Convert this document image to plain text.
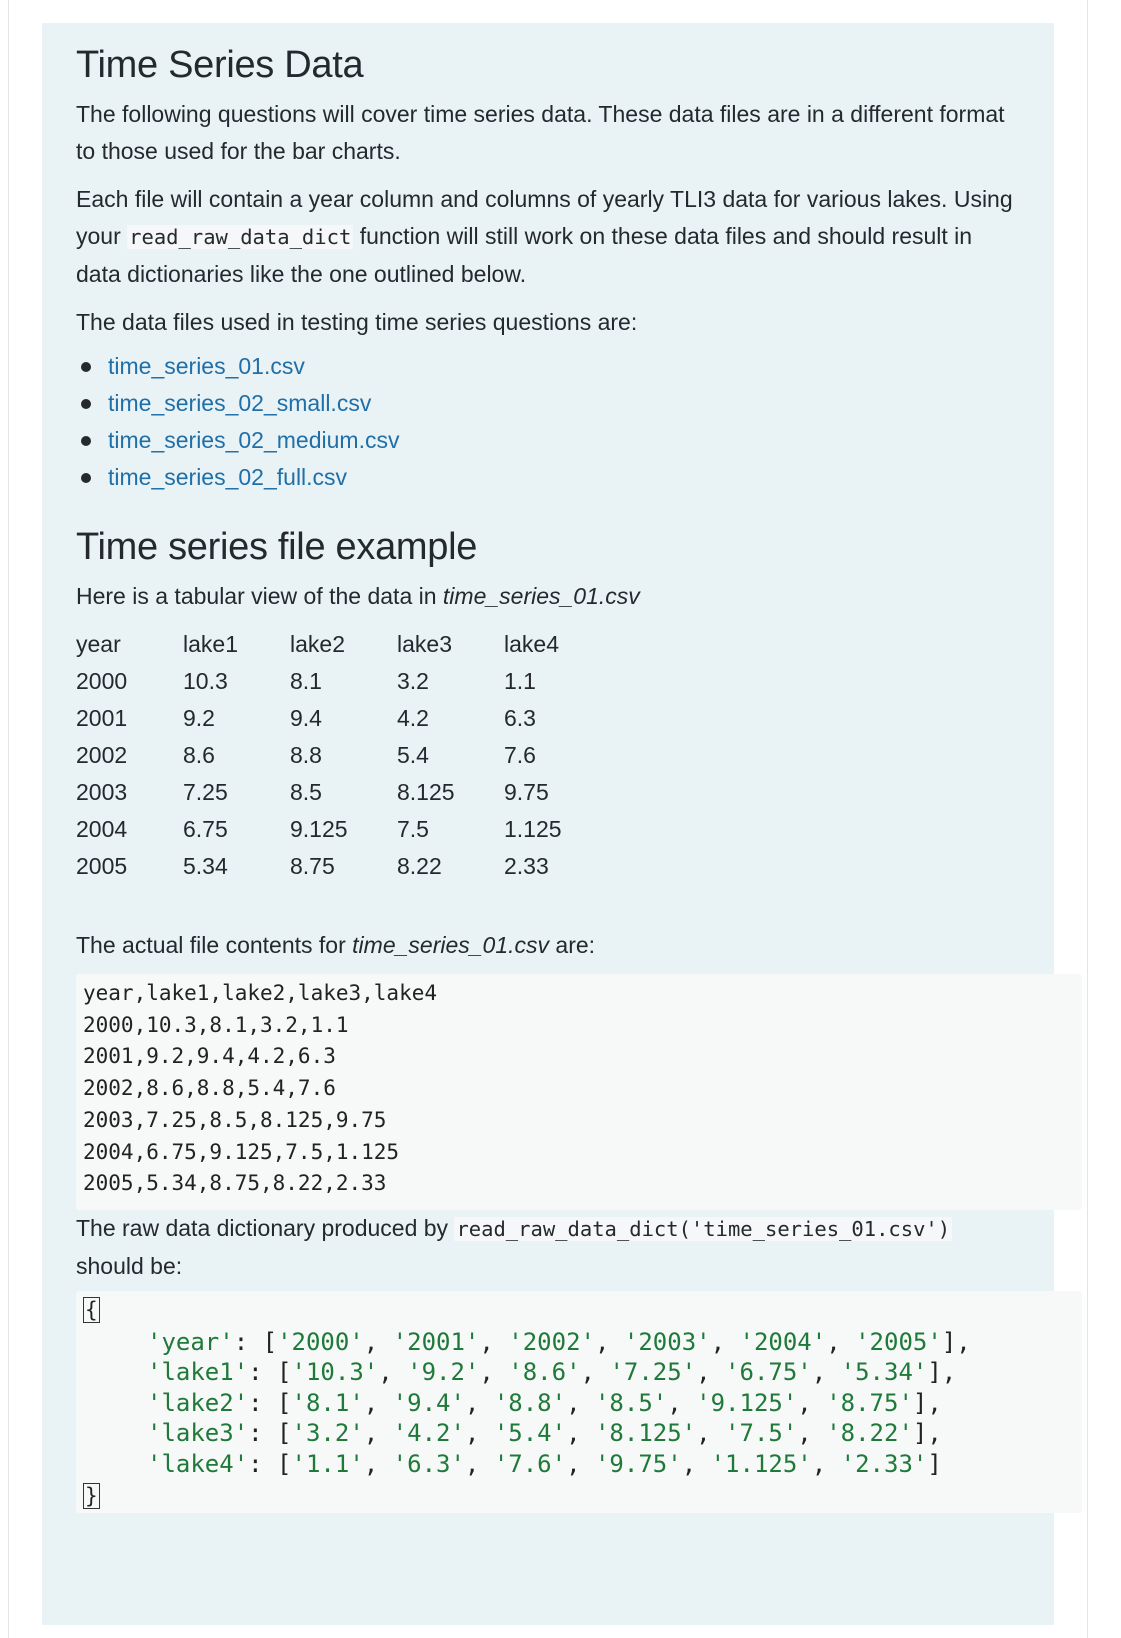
Time Series Data

The following questions will cover time series data. These data files are in a different format to those used for the bar charts.

Each file will contain a year column and columns of yearly TLI3 data for various lakes. Using your read_raw_data_dict function will still work on these data files and should result in data dictionaries like the one outlined below.

The data files used in testing time series questions are:

time_series_01.csv
time_series_02_small.csv
time_series_02_medium.csv
time_series_02_full.csv
Time series file example

Here is a tabular view of the data in time_series_01.csv

year	lake1	lake2	lake3	lake4
2000	10.3	8.1	3.2	1.1
2001	9.2	9.4	4.2	6.3
2002	8.6	8.8	5.4	7.6
2003	7.25	8.5	8.125	9.75
2004	6.75	9.125	7.5	1.125
2005	5.34	8.75	8.22	2.33

The actual file contents for time_series_01.csv are:

year,lake1,lake2,lake3,lake4
2000,10.3,8.1,3.2,1.1
2001,9.2,9.4,4.2,6.3
2002,8.6,8.8,5.4,7.6
2003,7.25,8.5,8.125,9.75
2004,6.75,9.125,7.5,1.125
2005,5.34,8.75,8.22,2.33

The raw data dictionary produced by read_raw_data_dict('time_series_01.csv') should be:

{

'year': ['2000', '2001', '2002', '2003', '2004', '2005'],
'lake1': ['10.3', '9.2', '8.6', '7.25', '6.75', '5.34'],
'lake2': ['8.1', '9.4', '8.8', '8.5', '9.125', '8.75'],
'lake3': ['3.2', '4.2', '5.4', '8.125', '7.5', '8.22'],
'lake4': ['1.1', '6.3', '7.6', '9.75', '1.125', '2.33']
}
